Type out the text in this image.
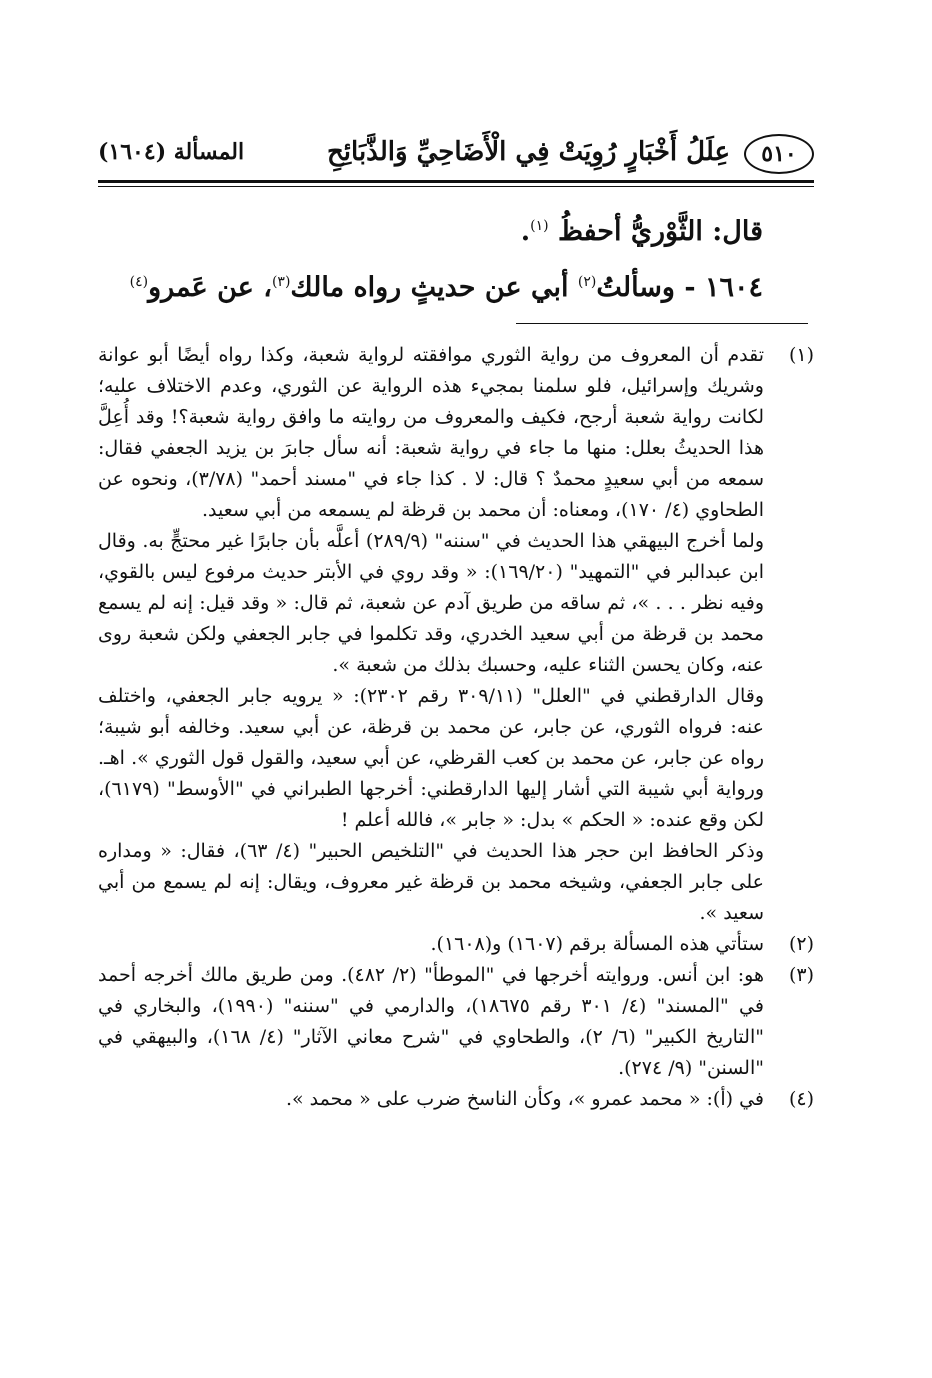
٥١٠
عِلَلُ أَخْبَارٍ رُوِيَتْ فِي الْأَضَاحِيِّ وَالذَّبَائِحِ
المسألة (١٦٠٤)

قال: الثَّوْريُّ أحفظُ $^{(١)}$.

١٦٠٤ - وسألتُ$^{(٢)}$ أبي عن حديثٍ رواه مالك$^{(٣)}$، عن عَمرو$^{(٤)}$

(١)

تقدم أن المعروف من رواية الثوري موافقته لرواية شعبة، وكذا رواه أيضًا أبو عوانة وشريك وإسرائيل، فلو سلمنا بمجيء هذه الرواية عن الثوري، وعدم الاختلاف عليه؛ لكانت رواية شعبة أرجح، فكيف والمعروف من روايته ما وافق رواية شعبة؟! وقد أُعِلَّ هذا الحديثُ بعلل: منها ما جاء في رواية شعبة: أنه سأل جابرَ بن يزيد الجعفي فقال: سمعه من أبي سعيدٍ محمدٌ ؟ قال: لا . كذا جاء في "مسند أحمد" (٣/٧٨)، ونحوه عن الطحاوي (٤/ ١٧٠)، ومعناه: أن محمد بن قرظة لم يسمعه من أبي سعيد.

ولما أخرج البيهقي هذا الحديث في "سننه" (٢٨٩/٩) أعلَّه بأن جابرًا غير محتجٍّ به. وقال ابن عبدالبر في "التمهيد" (١٦٩/٢٠): « وقد روي في الأبتر حديث مرفوع ليس بالقوي، وفيه نظر . . . »، ثم ساقه من طريق آدم عن شعبة، ثم قال: « وقد قيل: إنه لم يسمع محمد بن قرظة من أبي سعيد الخدري، وقد تكلموا في جابر الجعفي ولكن شعبة روى عنه، وكان يحسن الثناء عليه، وحسبك بذلك من شعبة ».

وقال الدارقطني في "العلل" (٣٠٩/١١ رقم ٢٣٠٢): « يرويه جابر الجعفي، واختلف عنه: فرواه الثوري، عن جابر، عن محمد بن قرظة، عن أبي سعيد. وخالفه أبو شيبة؛ رواه عن جابر، عن محمد بن كعب القرظي، عن أبي سعيد، والقول قول الثوري ». اهـ. ورواية أبي شيبة التي أشار إليها الدارقطني: أخرجها الطبراني في "الأوسط" (٦١٧٩)، لكن وقع عنده: « الحكم » بدل: « جابر »، فالله أعلم !

وذكر الحافظ ابن حجر هذا الحديث في "التلخيص الحبير" (٤/ ٦٣)، فقال: « ومداره على جابر الجعفي، وشيخه محمد بن قرظة غير معروف، ويقال: إنه لم يسمع من أبي سعيد ».

(٢)

ستأتي هذه المسألة برقم (١٦٠٧) و(١٦٠٨).

(٣)

هو: ابن أنس. وروايته أخرجها في "الموطأ" (٢/ ٤٨٢). ومن طريق مالك أخرجه أحمد في "المسند" (٤/ ٣٠١ رقم ١٨٦٧٥)، والدارمي في "سننه" (١٩٩٠)، والبخاري في "التاريخ الكبير" (٦/ ٢)، والطحاوي في "شرح معاني الآثار" (٤/ ١٦٨)، والبيهقي في "السنن" (٩/ ٢٧٤).

(٤)

في (أ): « محمد عمرو »، وكأن الناسخ ضرب على « محمد ».
